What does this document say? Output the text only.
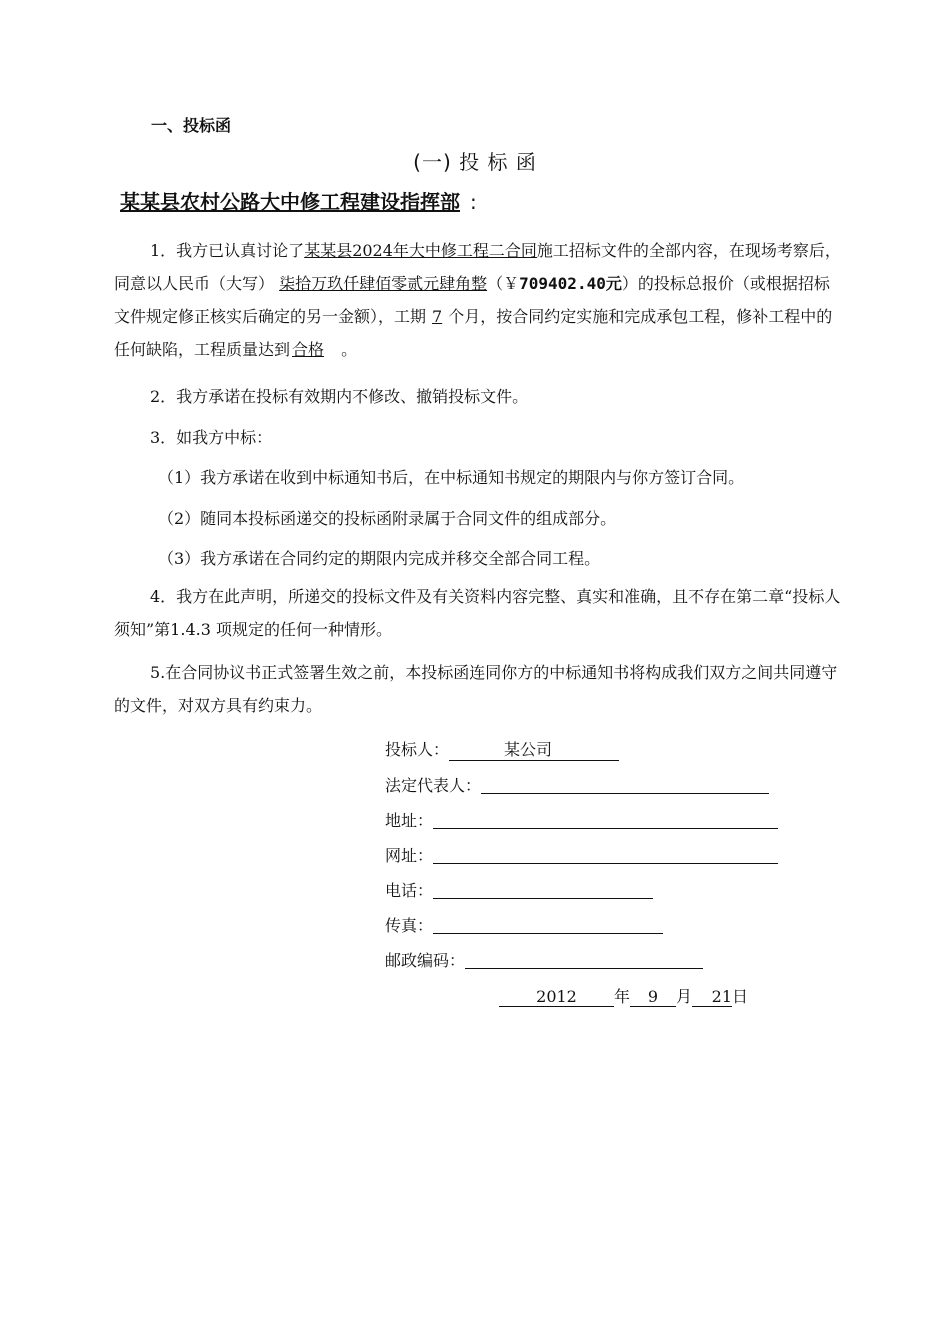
一、投标函
(一) 投 标 函
某某县农村公路大中修工程建设指挥部 :
1．我方已认真讨论了某某县2024年大中修工程二合同施工招标文件的全部内容，在现场考察后，同意以人民币（大写） 柒拾万玖仟肆佰零贰元肆角整（￥709402.40元）的投标总报价（或根据招标文件规定修正核实后确定的另一金额），工期 7 个月，按合同约定实施和完成承包工程，修补工程中的任何缺陷，工程质量达到 合格 。
2．我方承诺在投标有效期内不修改、撤销投标文件。
3．如我方中标：
（1）我方承诺在收到中标通知书后，在中标通知书规定的期限内与你方签订合同。
（2）随同本投标函递交的投标函附录属于合同文件的组成部分。
（3）我方承诺在合同约定的期限内完成并移交全部合同工程。
4．我方在此声明，所递交的投标文件及有关资料内容完整、真实和准确，且不存在第二章“投标人须知”第1.4.3 项规定的任何一种情形。
5.在合同协议书正式签署生效之前，本投标函连同你方的中标通知书将构成我们双方之间共同遵守的文件，对双方具有约束力。
投标人：	某公司
法定代表人：
地址：
网址：
电话：
传真：
邮政编码：
2012 年 9 月 21日
